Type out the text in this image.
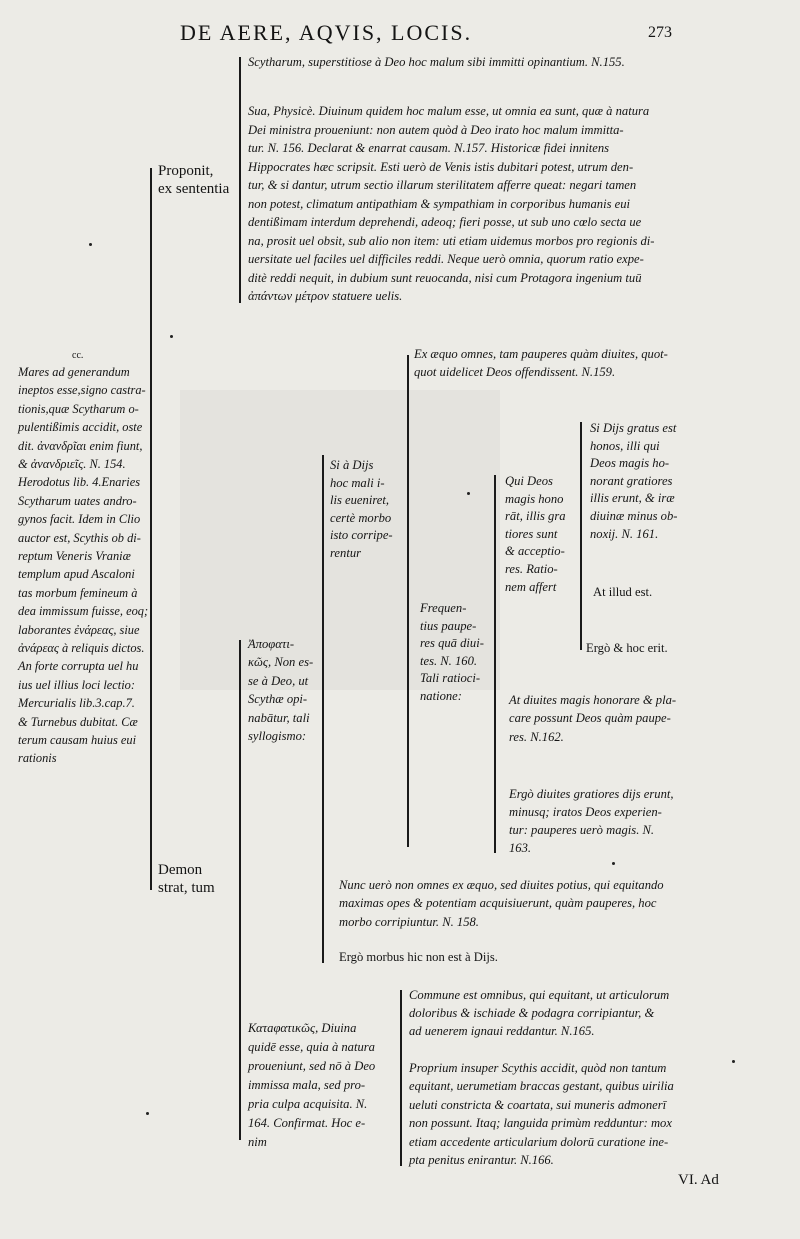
DE AERE, AQVIS, LOCIS.	273
cc.
Mares ad generandum
ineptos esse,signo castra-
tionis,quæ Scytharum o-
pulentißimis accidit, oste
dit. ἀνανδρῖαι enim fiunt,
& ἀνανδριεῖς. N. 154.
Herodotus lib. 4.Enaries
Scytharum uates andro-
gynos facit. Idem in Clio
auctor est, Scythis ob di-
reptum Veneris Vraniæ
templum apud Ascaloni
tas morbum femineum à
dea immissum fuisse, eoq;
laborantes ἐνάρεας, siue
ἀνάρεας à reliquis dictos.
An forte corrupta uel hu
ius uel illius loci lectio:
Mercurialis lib.3.cap.7.
& Turnebus dubitat. Cæ
terum causam huius eui
rationis
Proponit,
ex sententia
Scytharum, superstitiose à Deo hoc malum sibi immitti opinantium. N.155.
Sua, Physicè. Diuinum quidem hoc malum esse, ut omnia ea sunt, quæ à natura
Dei ministra proueniunt: non autem quòd à Deo irato hoc malum immitta-
tur. N. 156. Declarat & enarrat causam. N.157. Historicæ fidei innitens
Hippocrates hæc scripsit. Esti uerò de Venis istis dubitari potest, utrum den-
tur, & si dantur, utrum sectio illarum sterilitatem afferre queat: negari tamen
non potest, climatum antipathiam & sympathiam in corporibus humanis eui
dentißimam interdum deprehendi, adeoq; fieri posse, ut sub uno cœlo secta ue
na, prosit uel obsit, sub alio non item: uti etiam uidemus morbos pro regionis di-
uersitate uel faciles uel difficiles reddi. Neque uerò omnia, quorum ratio expe-
ditè reddi nequit, in dubium sunt reuocanda, nisi cum Protagora ingenium tuū
ἀπάντων μέτρον statuere uelis.
Demon
strat, tum
Ἀποφατι-
κῶς, Non es-
se à Deo, ut
Scythæ opi-
nabātur, tali
syllogismo:
Si à Dijs
hoc mali i-
lis eueniret,
certè morbo
isto corripe-
rentur
Ex æquo omnes, tam pauperes quàm diuites, quot-
quot uidelicet Deos offendissent. N.159.
Frequen-
tius paupe-
res quā diui-
tes. N. 160.
Tali ratioci-
natione:
Qui Deos
magis hono
rāt, illis gra
tiores sunt
& acceptio-
res. Ratio-
nem affert
Si Dijs gratus est
honos, illi qui
Deos magis ho-
norant gratiores
illis erunt, & iræ
diuinæ minus ob-
noxij. N. 161.
At illud est.
Ergò & hoc erit.
At diuites magis honorare & pla-
care possunt Deos quàm paupe-
res. N.162.
Ergò diuites gratiores dijs erunt,
minusq; iratos Deos experien-
tur: pauperes uerò magis. N.
163.
Nunc uerò non omnes ex æquo, sed diuites potius, qui equitando
maximas opes & potentiam acquisiuerunt, quàm pauperes, hoc
morbo corripiuntur. N. 158.
Ergò morbus hic non est à Dijs.
Κατaφατικῶς, Diuina
quidē esse, quia à natura
proueniunt, sed nō à Deo
immissa mala, sed pro-
pria culpa acquisita. N.
164. Confirmat. Hoc e-
nim
Commune est omnibus, qui equitant, ut articulorum
doloribus & ischiade & podagra corripiantur, &
ad uenerem ignaui reddantur. N.165.
Proprium insuper Scythis accidit, quòd non tantum
equitant, uerumetiam braccas gestant, quibus uirilia
ueluti constricta & coartata, sui muneris admonerī
non possunt. Itaq; languida primùm redduntur: mox
etiam accedente articularium dolorū curatione ine-
pta penitus enirantur. N.166.
VI. Ad
